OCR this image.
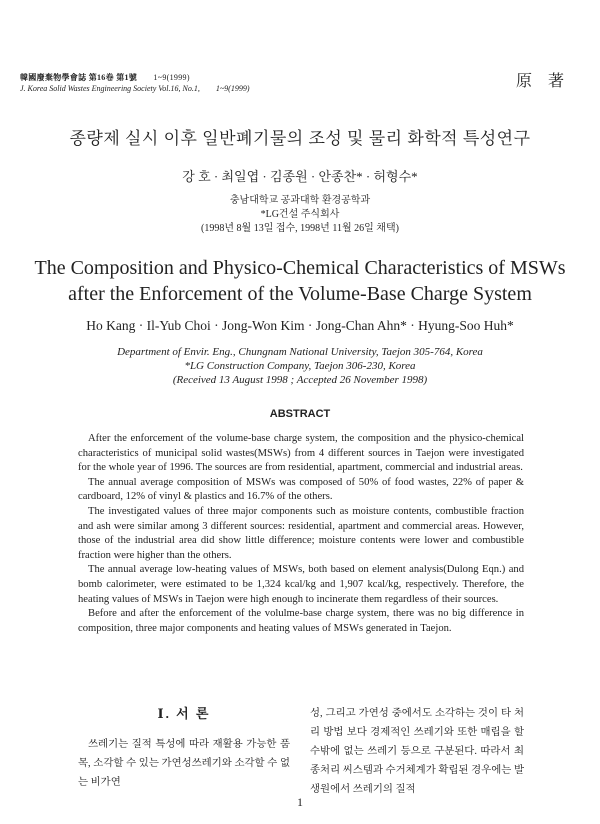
韓國廢棄物學會誌 第16卷 第1號 1~9(1999)
J. Korea Solid Wastes Engineering Society Vol.16, No.1, 1~9(1999)	原 著
종량제 실시 이후 일반폐기물의 조성 및 물리 화학적 특성연구
강 호 · 최일엽 · 김종원 · 안종찬* · 허형수*
충남대학교 공과대학 환경공학과
*LG건설 주식회사
(1998년 8월 13일 접수, 1998년 11월 26일 채택)
The Composition and Physico-Chemical Characteristics of MSWs
after the Enforcement of the Volume-Base Charge System
Ho Kang · Il-Yub Choi · Jong-Won Kim · Jong-Chan Ahn* · Hyung-Soo Huh*
Department of Envir. Eng., Chungnam National University, Taejon 305-764, Korea
*LG Construction Company, Taejon 306-230, Korea
(Received 13 August 1998 ; Accepted 26 November 1998)
ABSTRACT

After the enforcement of the volume-base charge system, the composition and the physico-chemical characteristics of municipal solid wastes(MSWs) from 4 different sources in Taejon were investigated for the whole year of 1996. The sources are from residential, apartment, commercial and industrial areas.

The annual average composition of MSWs was composed of 50% of food wastes, 22% of paper & cardboard, 12% of vinyl & plastics and 16.7% of the others.

The investigated values of three major components such as moisture contents, combustible fraction and ash were similar among 3 different sources: residential, apartment and commercial areas. However, those of the industrial area did show little difference; moisture contents were lower and combustible fraction were higher than the others.

The annual average low-heating values of MSWs, both based on element analysis(Dulong Eqn.) and bomb calorimeter, were estimated to be 1,324 kcal/kg and 1,907 kcal/kg, respectively. Therefore, the heating values of MSWs in Taejon were high enough to incinerate them regardless of their sources.

Before and after the enforcement of the volulme-base charge system, there was no big difference in composition, three major components and heating values of MSWs generated in Taejon.

Ⅰ. 서 론

쓰레기는 질적 특성에 따라 재활용 가능한 품목, 소각할 수 있는 가연성쓰레기와 소각할 수 없는 비가연

성, 그리고 가연성 중에서도 소각하는 것이 타 처리 방법 보다 경제적인 쓰레기와 또한 매립을 할 수밖에 없는 쓰레기 등으로 구분된다. 따라서 최종처리 씨스템과 수거체계가 확립된 경우에는 발생원에서 쓰레기의 질적

1
